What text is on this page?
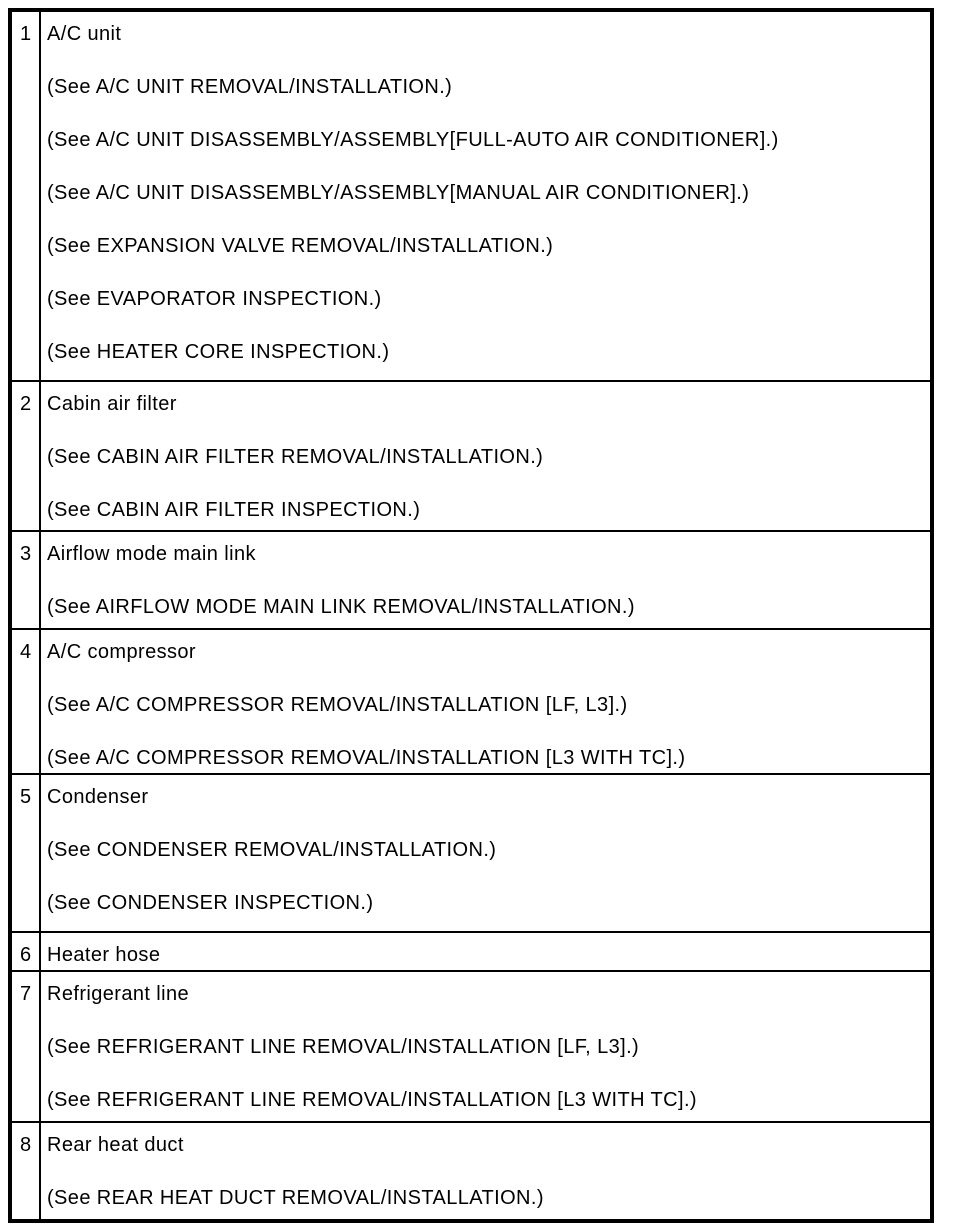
1	A/C unit

(See A/C UNIT REMOVAL/INSTALLATION.)

(See A/C UNIT DISASSEMBLY/ASSEMBLY[FULL-AUTO AIR CONDITIONER].)

(See A/C UNIT DISASSEMBLY/ASSEMBLY[MANUAL AIR CONDITIONER].)

(See EXPANSION VALVE REMOVAL/INSTALLATION.)

(See EVAPORATOR INSPECTION.)

(See HEATER CORE INSPECTION.)

2	Cabin air filter

(See CABIN AIR FILTER REMOVAL/INSTALLATION.)

(See CABIN AIR FILTER INSPECTION.)

3	Airflow mode main link

(See AIRFLOW MODE MAIN LINK REMOVAL/INSTALLATION.)

4	A/C compressor

(See A/C COMPRESSOR REMOVAL/INSTALLATION [LF, L3].)

(See A/C COMPRESSOR REMOVAL/INSTALLATION [L3 WITH TC].)

5	Condenser

(See CONDENSER REMOVAL/INSTALLATION.)

(See CONDENSER INSPECTION.)

6	Heater hose

7	Refrigerant line

(See REFRIGERANT LINE REMOVAL/INSTALLATION [LF, L3].)

(See REFRIGERANT LINE REMOVAL/INSTALLATION [L3 WITH TC].)

8	Rear heat duct

(See REAR HEAT DUCT REMOVAL/INSTALLATION.)
